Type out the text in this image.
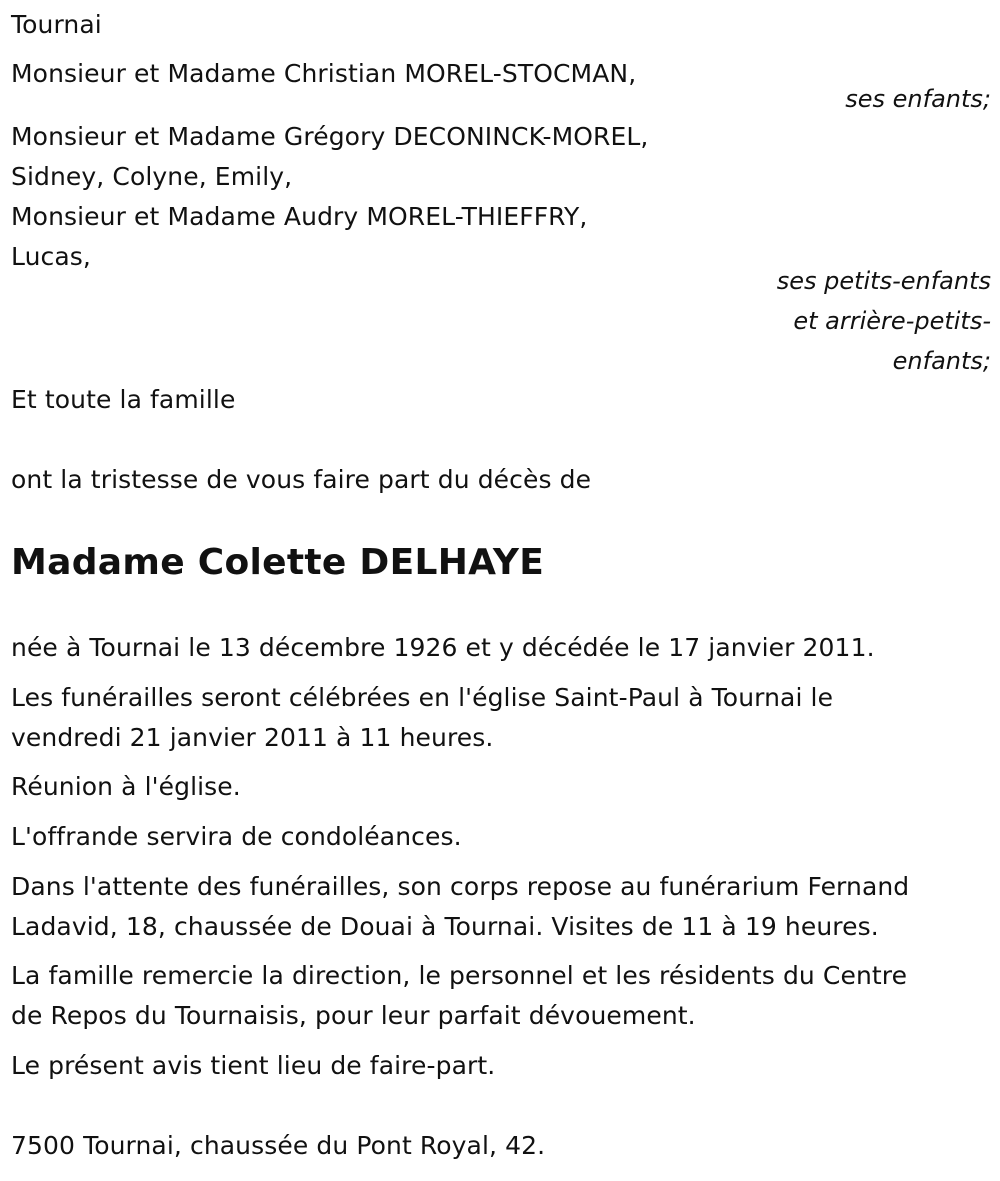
Tournai
Monsieur et Madame Christian MOREL-STOCMAN,
ses enfants;
Monsieur et Madame Grégory DECONINCK-MOREL,
Sidney, Colyne, Emily,
Monsieur et Madame Audry MOREL-THIEFFRY,
Lucas,
ses petits-enfants
et arrière-petits-
enfants;
Et toute la famille
ont la tristesse de vous faire part du décès de
Madame Colette DELHAYE
née à Tournai le 13 décembre 1926 et y décédée le 17 janvier 2011.
Les funérailles seront célébrées en l'église Saint-Paul à Tournai le
vendredi 21 janvier 2011 à 11 heures.
Réunion à l'église.
L'offrande servira de condoléances.
Dans l'attente des funérailles, son corps repose au funérarium Fernand
Ladavid, 18, chaussée de Douai à Tournai. Visites de 11 à 19 heures.
La famille remercie la direction, le personnel et les résidents du Centre
de Repos du Tournaisis, pour leur parfait dévouement.
Le présent avis tient lieu de faire-part.
7500 Tournai, chaussée du Pont Royal, 42.
